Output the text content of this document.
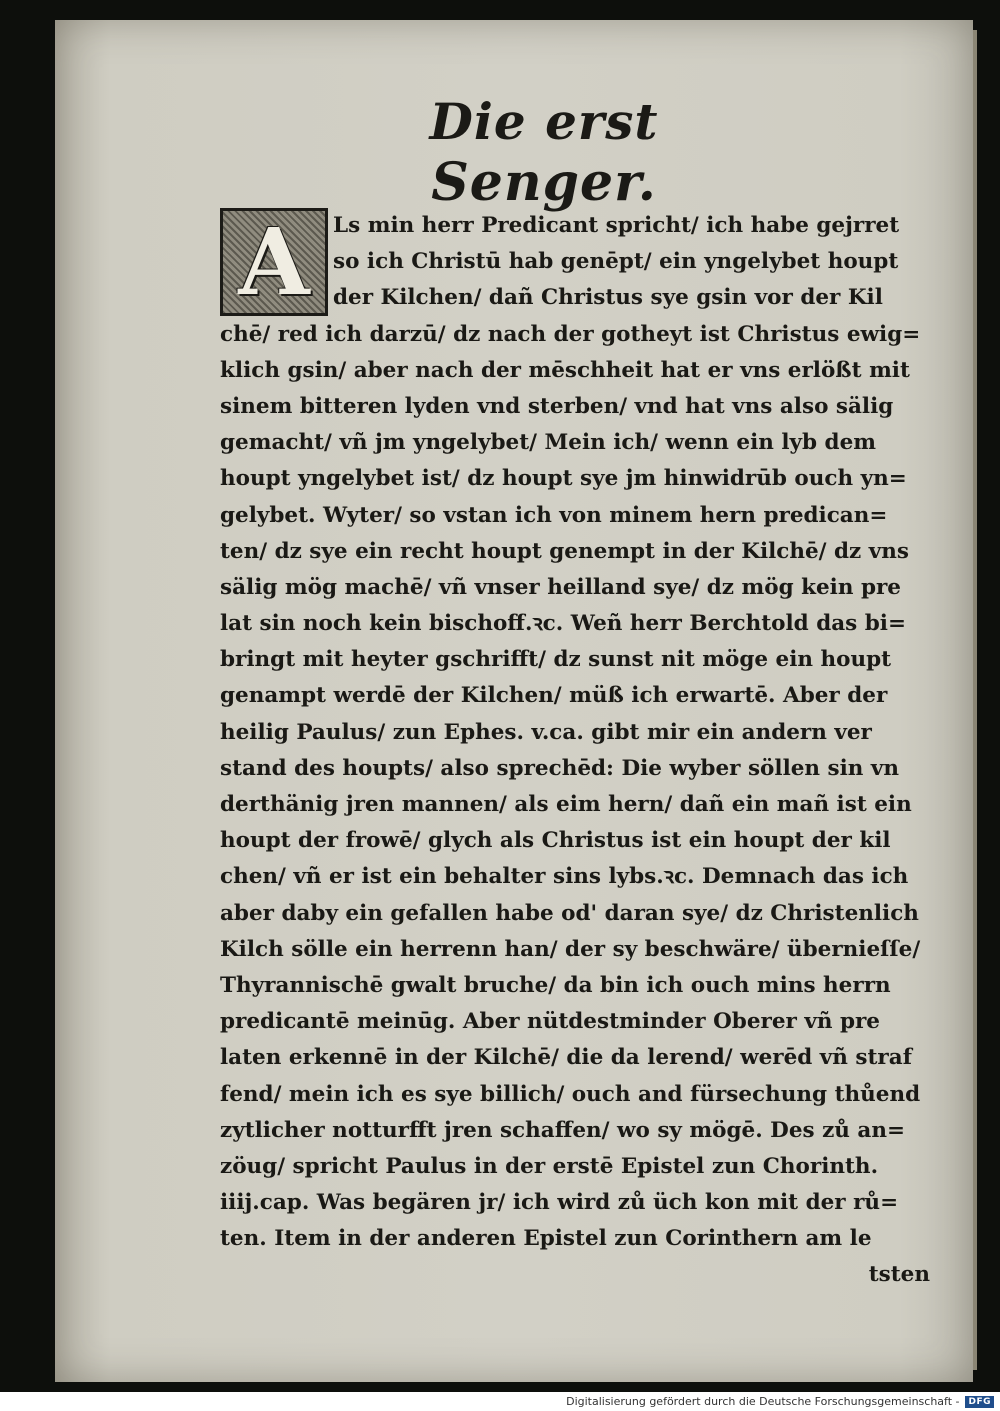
Die erst
Senger.
A	Ls min herr Predicant spricht/ ich habe gejrret
so ich Christū hab genēpt/ ein yngelybet houpt
der Kilchen/ dañ Christus sye gsin vor der Kil
chē/ red ich darzū/ dz nach der gotheyt ist Christus ewig=
klich gsin/ aber nach der mēschheit hat er vns erlößt mit
sinem bitteren lyden vnd sterben/ vnd hat vns also sälig
gemacht/ vñ jm yngelybet/ Mein ich/ wenn ein lyb dem
houpt yngelybet ist/ dz houpt sye jm hinwidrūb ouch yn=
gelybet. Wyter/ so vstan ich von minem hern predican=
ten/ dz sye ein recht houpt genempt in der Kilchē/ dz vns
sälig mög machē/ vñ vnser heilland sye/ dz mög kein pre
lat sin noch kein bischoff.ꝛc. Weñ herr Berchtold das bi=
bringt mit heyter gschrifft/ dz sunst nit möge ein houpt
genampt werdē der Kilchen/ müß ich erwartē. Aber der
heilig Paulus/ zun Ephes. v.ca. gibt mir ein andern ver
stand des houpts/ also sprechēd: Die wyber söllen sin vn
derthänig jren mannen/ als eim hern/ dañ ein mañ ist ein
houpt der frowē/ glych als Christus ist ein houpt der kil
chen/ vñ er ist ein behalter sins lybs.ꝛc. Demnach das ich
aber daby ein gefallen habe od' daran sye/ dz Christenlich
Kilch sölle ein herrenn han/ der sy beschwäre/ übernieſſe/
Thyrannischē gwalt bruche/ da bin ich ouch mins herrn
predicantē meinūg. Aber nütdestminder Oberer vñ pre
laten erkennē in der Kilchē/ die da lerend/ werēd vñ straf
fend/ mein ich es sye billich/ ouch and fürsechung thůend
zytlicher notturfft jren schaffen/ wo sy mögē. Des zů an=
zöug/ spricht Paulus in der erstē Epistel zun Chorinth.
iiij.cap. Was begären jr/ ich wird zů üch kon mit der rů=
ten. Item in der anderen Epistel zun Corinthern am le
tsten
Digitalisierung gefördert durch die Deutsche Forschungsgemeinschaft -	DFG
